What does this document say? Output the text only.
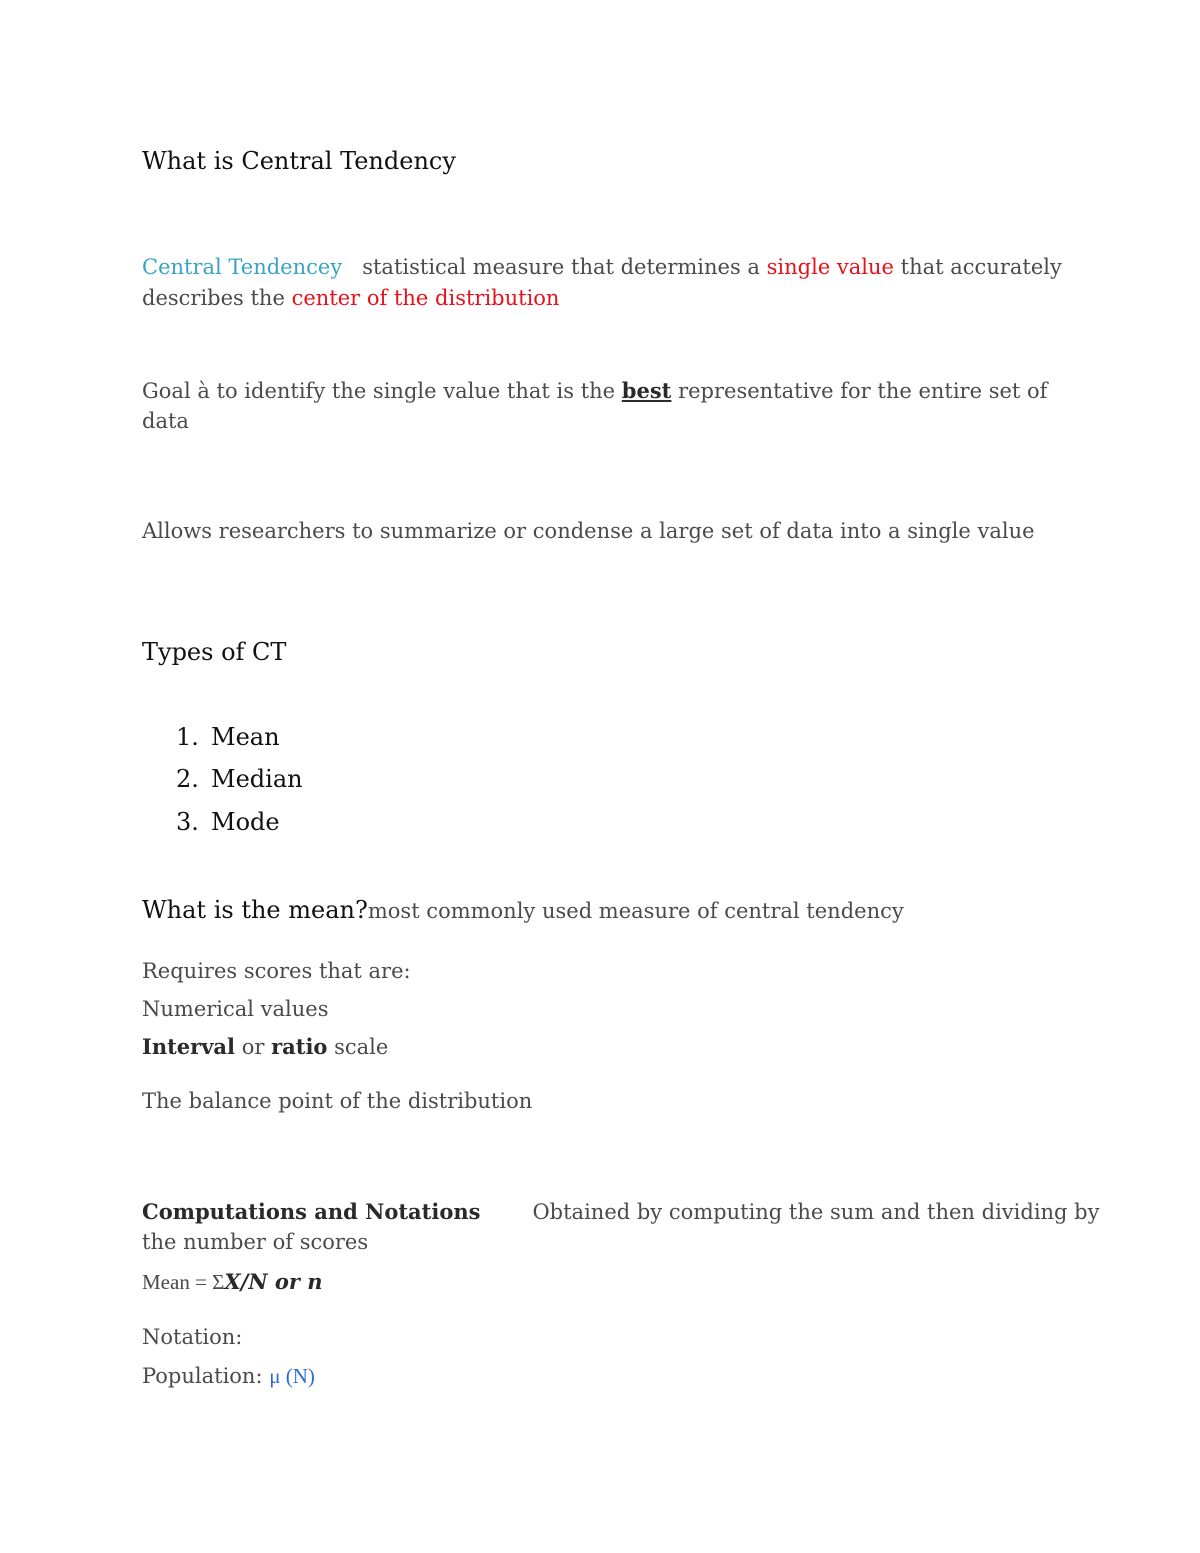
What is Central Tendency
Central Tendencey statistical measure that determines a single value that accurately
describes the center of the distribution
Goal à to identify the single value that is the best representative for the entire set of
data
Allows researchers to summarize or condense a large set of data into a single value
Types of CT
1. Mean
2. Median
3. Mode
What is the mean?most commonly used measure of central tendency
Requires scores that are:
Numerical values
Interval or ratio scale
The balance point of the distribution
Computations and Notations Obtained by computing the sum and then dividing by
the number of scores
Mean = ΣX/N or n
Notation:
Population: μ (N)
